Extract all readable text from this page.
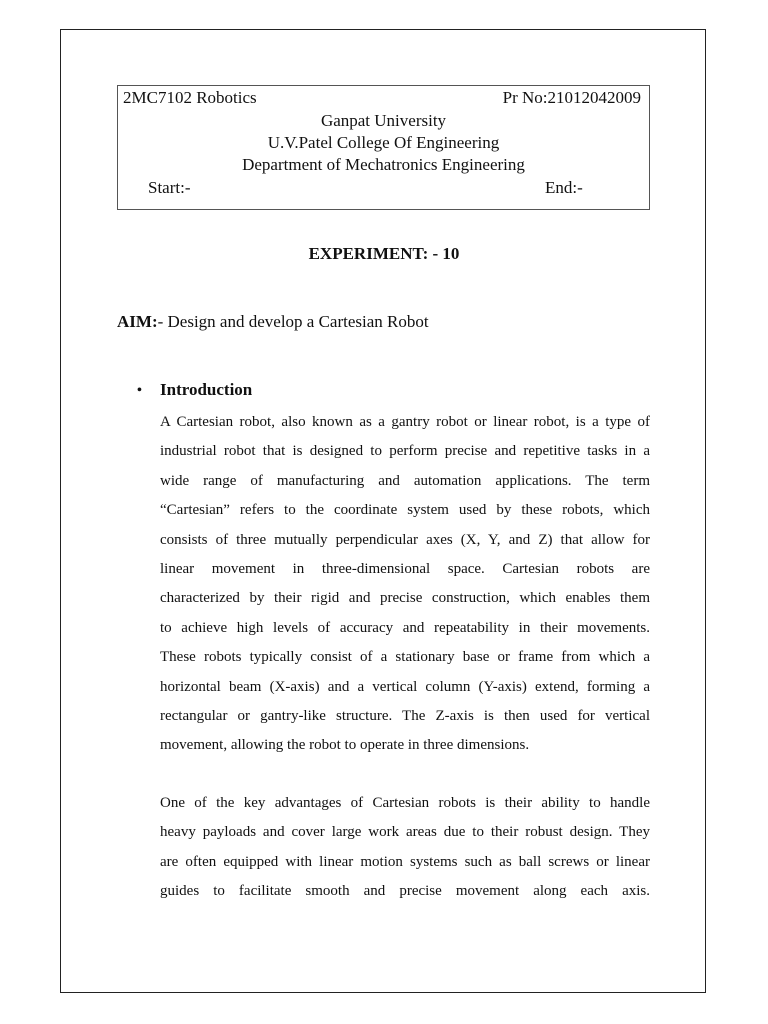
2MC7102 Robotics	Pr No:21012042009
Ganpat University
U.V.Patel College Of Engineering
Department of Mechatronics Engineering
Start:-	End:-
EXPERIMENT: - 10
AIM:- Design and develop a Cartesian Robot
• Introduction
A Cartesian robot, also known as a gantry robot or linear robot, is a type of
industrial robot that is designed to perform precise and repetitive tasks in a
wide range of manufacturing and automation applications. The term
“Cartesian” refers to the coordinate system used by these robots, which
consists of three mutually perpendicular axes (X, Y, and Z) that allow for
linear movement in three-dimensional space. Cartesian robots are
characterized by their rigid and precise construction, which enables them
to achieve high levels of accuracy and repeatability in their movements.
These robots typically consist of a stationary base or frame from which a
horizontal beam (X-axis) and a vertical column (Y-axis) extend, forming a
rectangular or gantry-like structure. The Z-axis is then used for vertical
movement, allowing the robot to operate in three dimensions.
One of the key advantages of Cartesian robots is their ability to handle
heavy payloads and cover large work areas due to their robust design. They
are often equipped with linear motion systems such as ball screws or linear
guides to facilitate smooth and precise movement along each axis.
